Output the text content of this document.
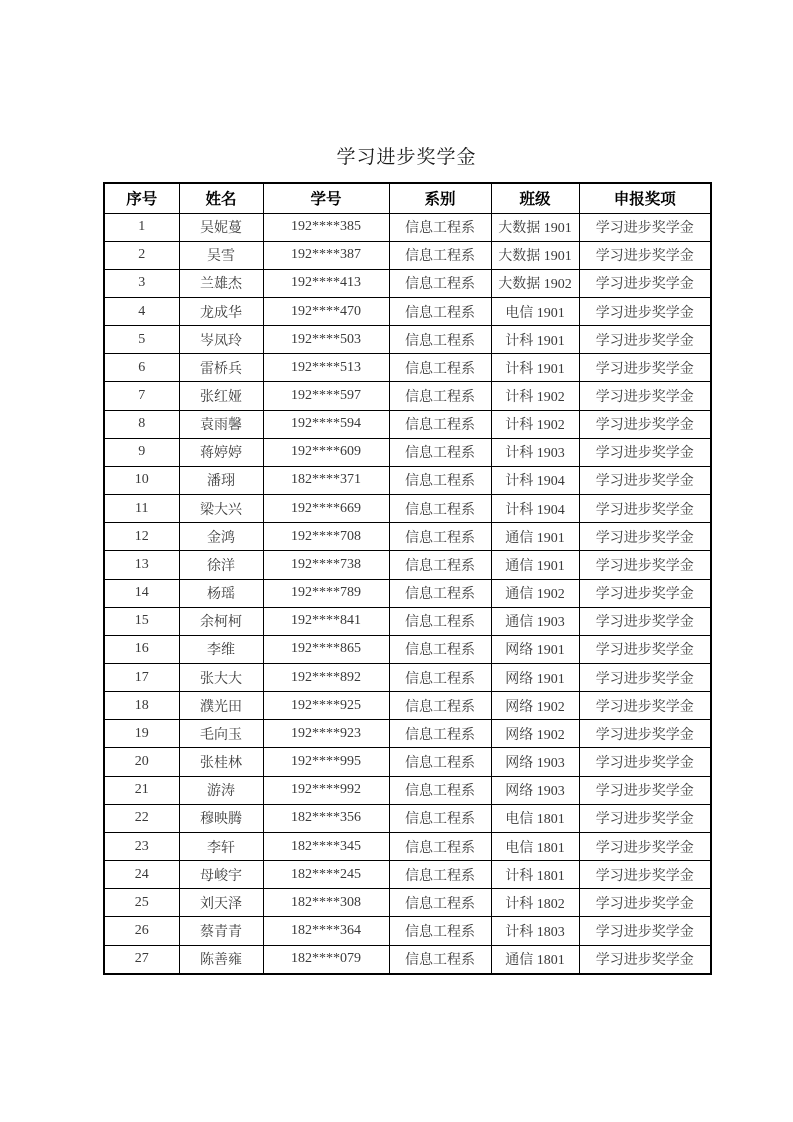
学习进步奖学金
序号	姓名	学号	系别	班级	申报奖项
1	吴妮蔓	192****385	信息工程系	大数据 1901	学习进步奖学金
2	吴雪	192****387	信息工程系	大数据 1901	学习进步奖学金
3	兰雄杰	192****413	信息工程系	大数据 1902	学习进步奖学金
4	龙成华	192****470	信息工程系	电信 1901	学习进步奖学金
5	岑凤玲	192****503	信息工程系	计科 1901	学习进步奖学金
6	雷桥兵	192****513	信息工程系	计科 1901	学习进步奖学金
7	张红娅	192****597	信息工程系	计科 1902	学习进步奖学金
8	袁雨馨	192****594	信息工程系	计科 1902	学习进步奖学金
9	蒋婷婷	192****609	信息工程系	计科 1903	学习进步奖学金
10	潘珝	182****371	信息工程系	计科 1904	学习进步奖学金
11	梁大兴	192****669	信息工程系	计科 1904	学习进步奖学金
12	金鸿	192****708	信息工程系	通信 1901	学习进步奖学金
13	徐洋	192****738	信息工程系	通信 1901	学习进步奖学金
14	杨瑶	192****789	信息工程系	通信 1902	学习进步奖学金
15	余柯柯	192****841	信息工程系	通信 1903	学习进步奖学金
16	李维	192****865	信息工程系	网络 1901	学习进步奖学金
17	张大大	192****892	信息工程系	网络 1901	学习进步奖学金
18	濮光田	192****925	信息工程系	网络 1902	学习进步奖学金
19	毛向玉	192****923	信息工程系	网络 1902	学习进步奖学金
20	张桂林	192****995	信息工程系	网络 1903	学习进步奖学金
21	游涛	192****992	信息工程系	网络 1903	学习进步奖学金
22	穆映腾	182****356	信息工程系	电信 1801	学习进步奖学金
23	李轩	182****345	信息工程系	电信 1801	学习进步奖学金
24	母峻宇	182****245	信息工程系	计科 1801	学习进步奖学金
25	刘天泽	182****308	信息工程系	计科 1802	学习进步奖学金
26	蔡青青	182****364	信息工程系	计科 1803	学习进步奖学金
27	陈善雍	182****079	信息工程系	通信 1801	学习进步奖学金
